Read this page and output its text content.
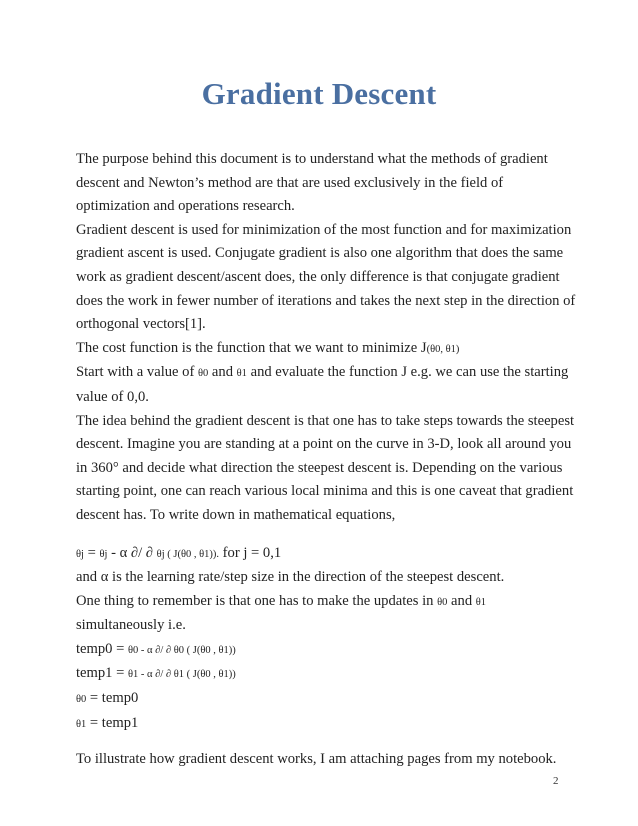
Gradient Descent

The purpose behind this document is to understand what the methods of gradient descent and Newton’s method are that are used exclusively in the field of optimization and operations research.

Gradient descent is used for minimization of the most function and for maximization gradient ascent is used. Conjugate gradient is also one algorithm that does the same work as gradient descent/ascent does, the only difference is that conjugate gradient does the work in fewer number of iterations and takes the next step in the direction of orthogonal vectors[1].

The cost function is the function that we want to minimize J(θ0, θ1)

Start with a value of θ0 and θ1 and evaluate the function J e.g. we can use the starting value of 0,0.

The idea behind the gradient descent is that one has to take steps towards the steepest descent. Imagine you are standing at a point on the curve in 3-D, look all around you in 360° and decide what direction the steepest descent is. Depending on the various starting point, one can reach various local minima and this is one caveat that gradient descent has. To write down in mathematical equations,

θj = θj - α ∂/ ∂ θj ( J(θ0 , θ1)). for j = 0,1

and α is the learning rate/step size in the direction of the steepest descent.

One thing to remember is that one has to make the updates in θ0 and θ1 simultaneously i.e.

temp0 = θ0 - α ∂/ ∂ θ0 ( J(θ0 , θ1))

temp1 = θ1 - α ∂/ ∂ θ1 ( J(θ0 , θ1))

θ0 = temp0

θ1 = temp1

To illustrate how gradient descent works, I am attaching pages from my notebook.

2
